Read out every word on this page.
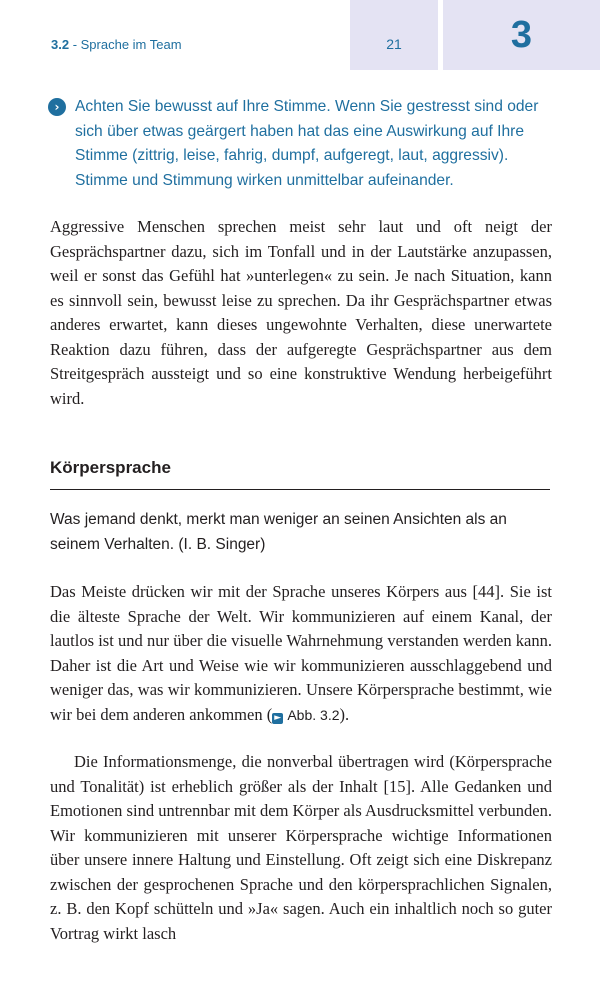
3.2 - Sprache im Team	21	3
› Achten Sie bewusst auf Ihre Stimme. Wenn Sie gestresst sind oder sich über etwas geärgert haben hat das eine Auswirkung auf Ihre Stimme (zittrig, leise, fahrig, dumpf, aufgeregt, laut, aggressiv). Stimme und Stimmung wirken unmittelbar aufeinander.

Aggressive Menschen sprechen meist sehr laut und oft neigt der Gesprächspartner dazu, sich im Tonfall und in der Lautstärke anzupassen, weil er sonst das Gefühl hat »unterlegen« zu sein. Je nach Situation, kann es sinnvoll sein, bewusst leise zu sprechen. Da ihr Gesprächspartner etwas anderes erwartet, kann dieses ungewohnte Verhalten, diese unerwartete Reaktion dazu führen, dass der aufgeregte Gesprächspartner aus dem Streitgespräch aussteigt und so eine konstruktive Wendung herbeigeführt wird.

Körpersprache

Was jemand denkt, merkt man weniger an seinen Ansichten als an seinem Verhalten. (I. B. Singer)

Das Meiste drücken wir mit der Sprache unseres Körpers aus [44]. Sie ist die älteste Sprache der Welt. Wir kommunizieren auf einem Kanal, der lautlos ist und nur über die visuelle Wahrnehmung verstanden werden kann. Daher ist die Art und Weise wie wir kommunizieren ausschlaggebend und weniger das, was wir kommunizieren. Unsere Körpersprache bestimmt, wie wir bei dem anderen ankommen ( ► Abb. 3.2).

Die Informationsmenge, die nonverbal übertragen wird (Körpersprache und Tonalität) ist erheblich größer als der Inhalt [15]. Alle Gedanken und Emotionen sind untrennbar mit dem Körper als Ausdrucksmittel verbunden. Wir kommunizieren mit unserer Körpersprache wichtige Informationen über unsere innere Haltung und Einstellung. Oft zeigt sich eine Diskrepanz zwischen der gesprochenen Sprache und den körpersprachlichen Signalen, z. B. den Kopf schütteln und »Ja« sagen. Auch ein inhaltlich noch so guter Vortrag wirkt lasch
